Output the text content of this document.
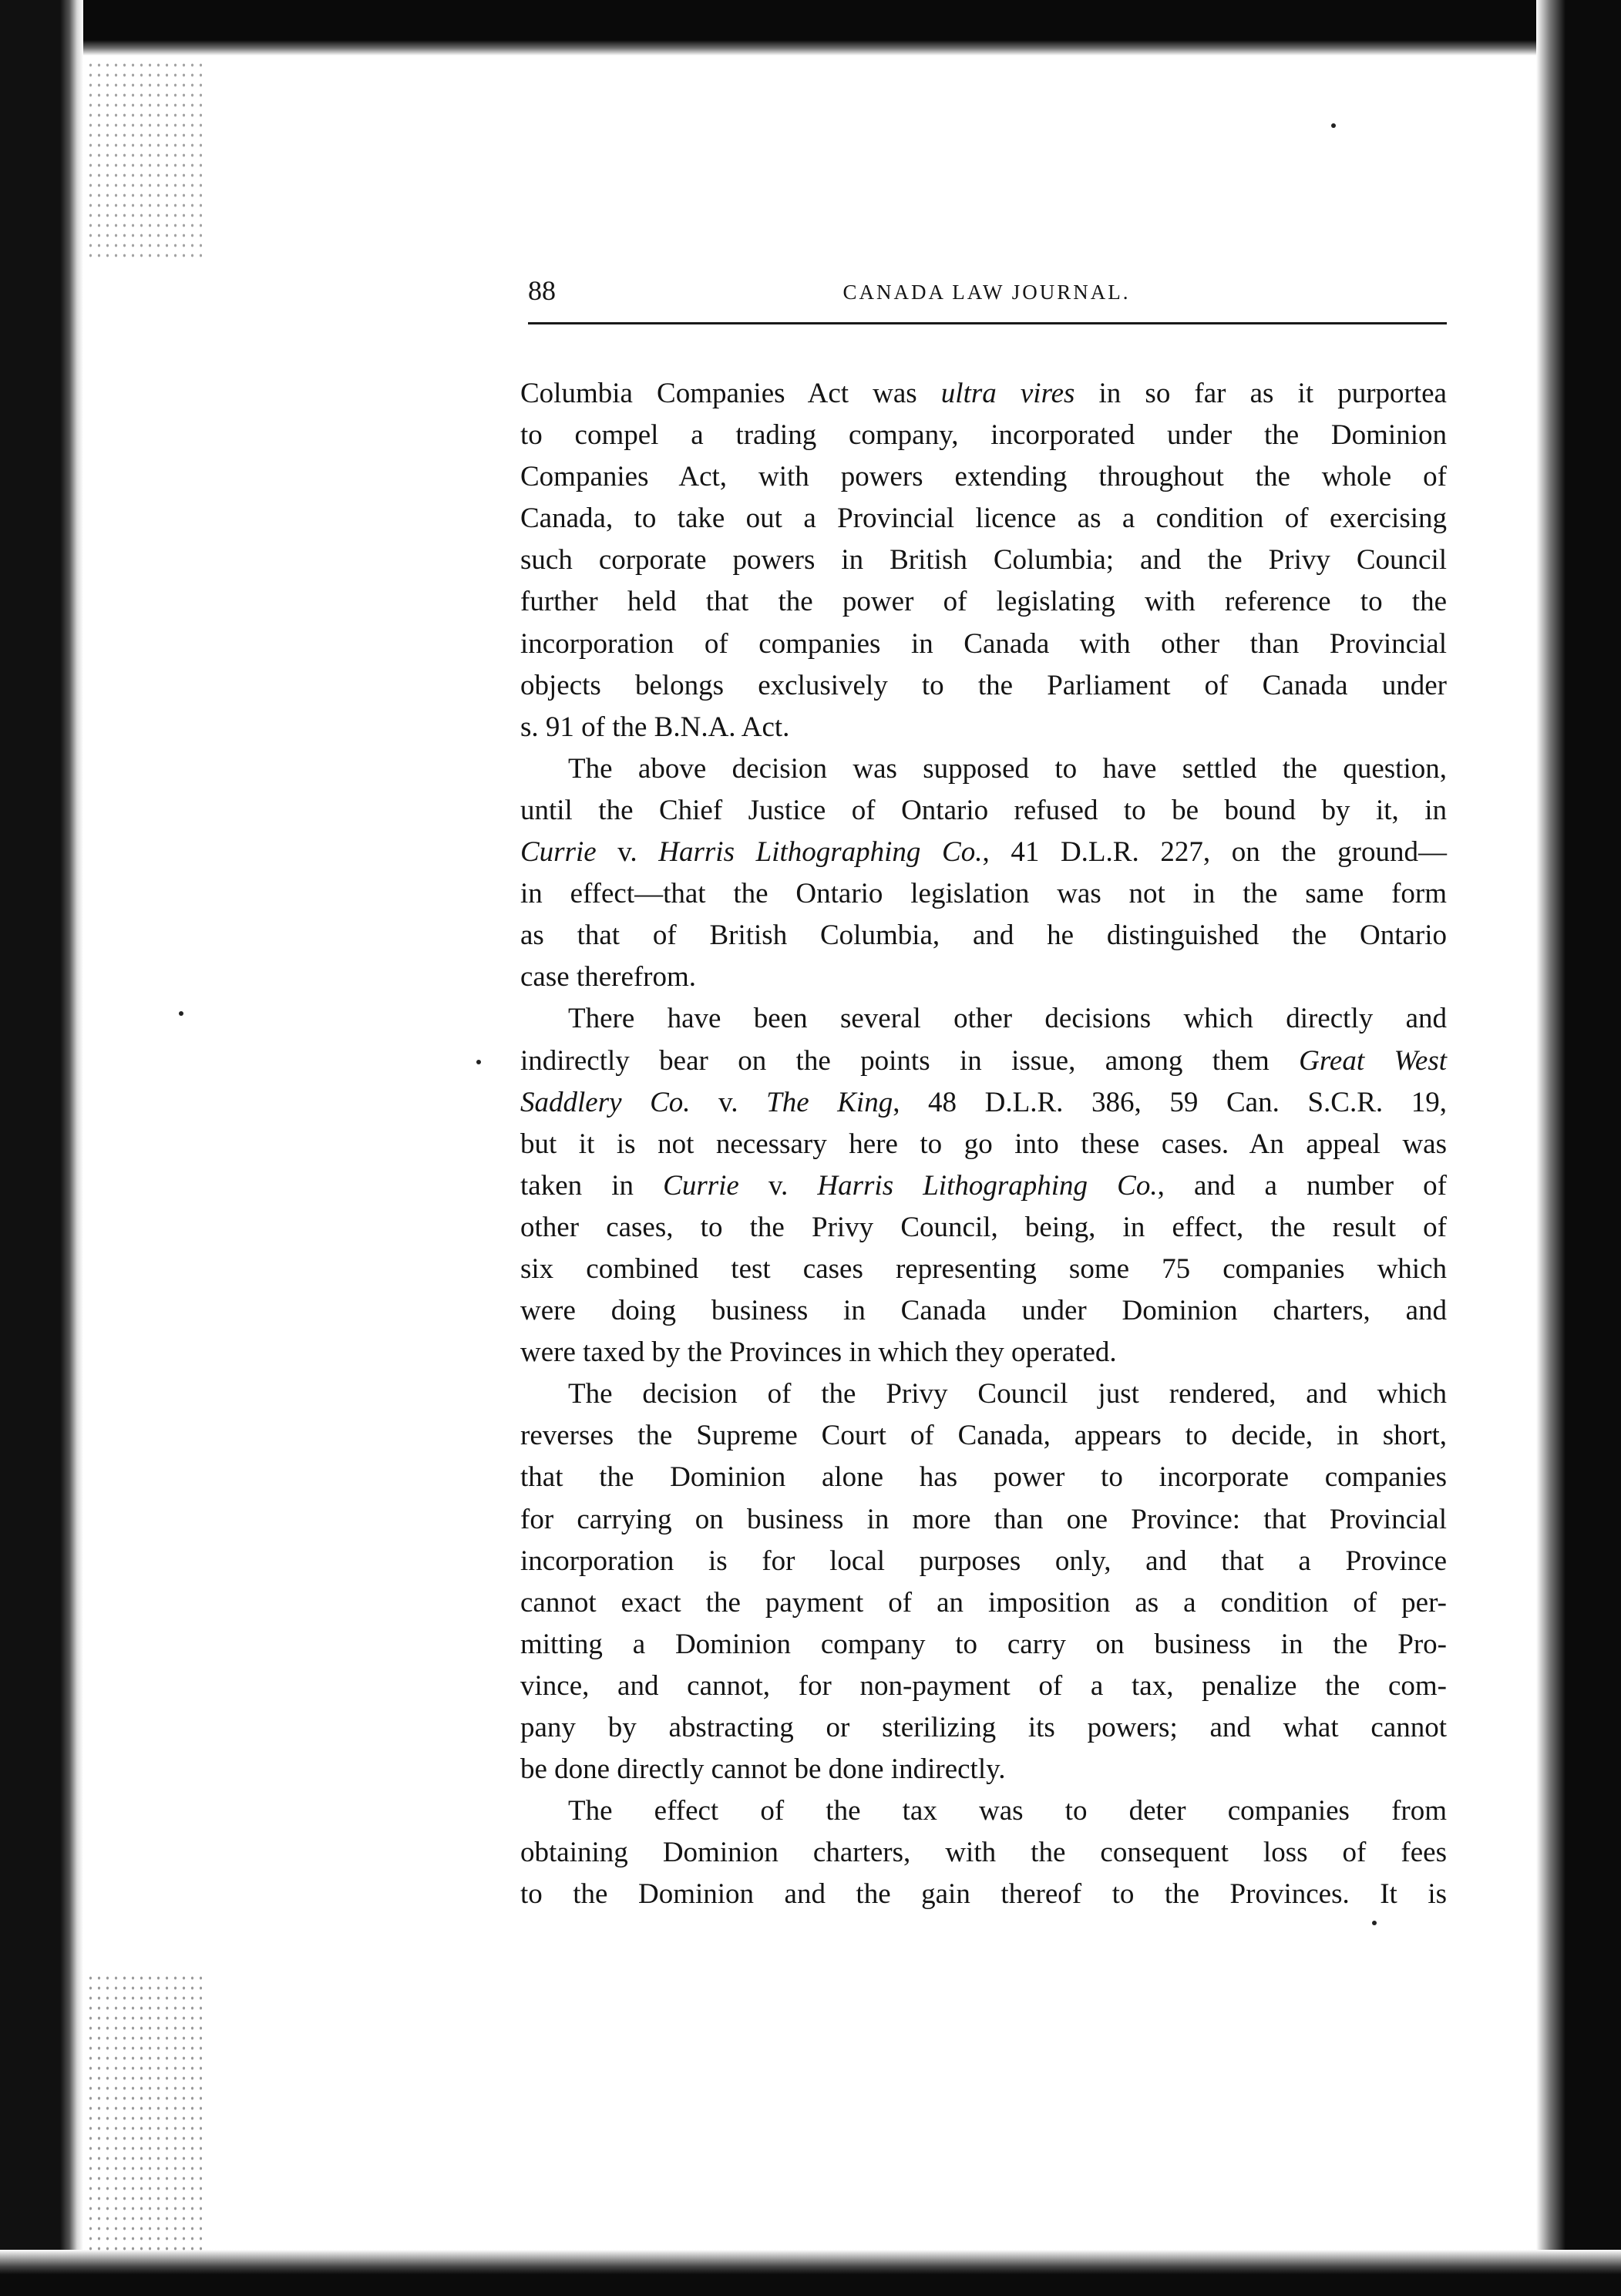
88	CANADA LAW JOURNAL.

Columbia Companies Act was ultra vires in so far as it purportea
to compel a trading company, incorporated under the Dominion
Companies Act, with powers extending throughout the whole of
Canada, to take out a Provincial licence as a condition of exercising
such corporate powers in British Columbia; and the Privy Council
further held that the power of legislating with reference to the
incorporation of companies in Canada with other than Provincial
objects belongs exclusively to the Parliament of Canada under
s. 91 of the B.N.A. Act.

The above decision was supposed to have settled the question,
until the Chief Justice of Ontario refused to be bound by it, in
Currie v. Harris Lithographing Co., 41 D.L.R. 227, on the ground—
in effect—that the Ontario legislation was not in the same form
as that of British Columbia, and he distinguished the Ontario
case therefrom.

There have been several other decisions which directly and
indirectly bear on the points in issue, among them Great West
Saddlery Co. v. The King, 48 D.L.R. 386, 59 Can. S.C.R. 19,
but it is not necessary here to go into these cases. An appeal was
taken in Currie v. Harris Lithographing Co., and a number of
other cases, to the Privy Council, being, in effect, the result of
six combined test cases representing some 75 companies which
were doing business in Canada under Dominion charters, and
were taxed by the Provinces in which they operated.

The decision of the Privy Council just rendered, and which
reverses the Supreme Court of Canada, appears to decide, in short,
that the Dominion alone has power to incorporate companies
for carrying on business in more than one Province: that Provincial
incorporation is for local purposes only, and that a Province
cannot exact the payment of an imposition as a condition of per-
mitting a Dominion company to carry on business in the Pro-
vince, and cannot, for non-payment of a tax, penalize the com-
pany by abstracting or sterilizing its powers; and what cannot
be done directly cannot be done indirectly.

The effect of the tax was to deter companies from
obtaining Dominion charters, with the consequent loss of fees
to the Dominion and the gain thereof to the Provinces. It is
